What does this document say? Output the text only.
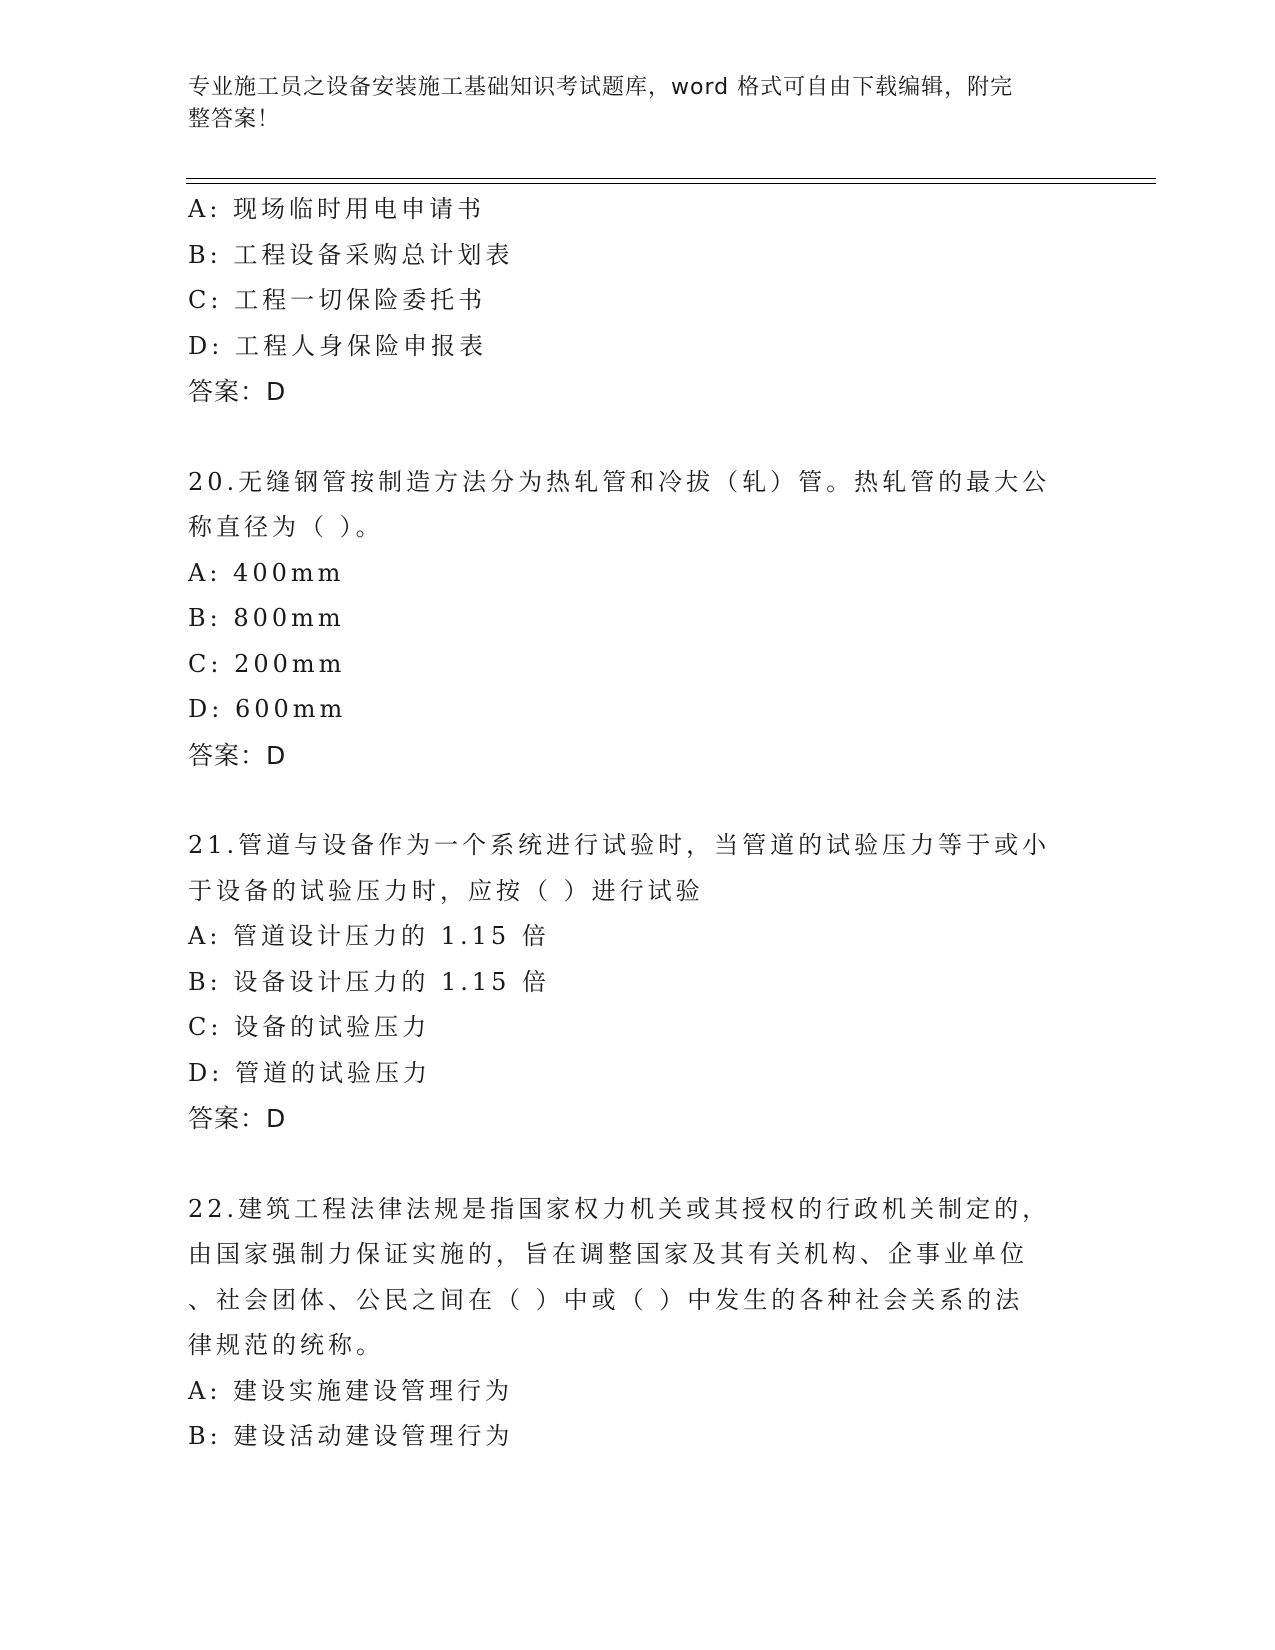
专业施工员之设备安装施工基础知识考试题库，word 格式可自由下载编辑，附完
整答案！
A: 现场临时用电申请书
B: 工程设备采购总计划表
C: 工程一切保险委托书
D: 工程人身保险申报表
答案：D
20.无缝钢管按制造方法分为热轧管和冷拔（轧）管。热轧管的最大公
称直径为（ ）。
A: 400mm
B: 800mm
C: 200mm
D: 600mm
答案：D
21.管道与设备作为一个系统进行试验时，当管道的试验压力等于或小
于设备的试验压力时，应按（ ）进行试验
A: 管道设计压力的 1.15 倍
B: 设备设计压力的 1.15 倍
C: 设备的试验压力
D: 管道的试验压力
答案：D
22.建筑工程法律法规是指国家权力机关或其授权的行政机关制定的，
由国家强制力保证实施的，旨在调整国家及其有关机构、企事业单位
、社会团体、公民之间在（ ）中或（ ）中发生的各种社会关系的法
律规范的统称。
A: 建设实施建设管理行为
B: 建设活动建设管理行为
